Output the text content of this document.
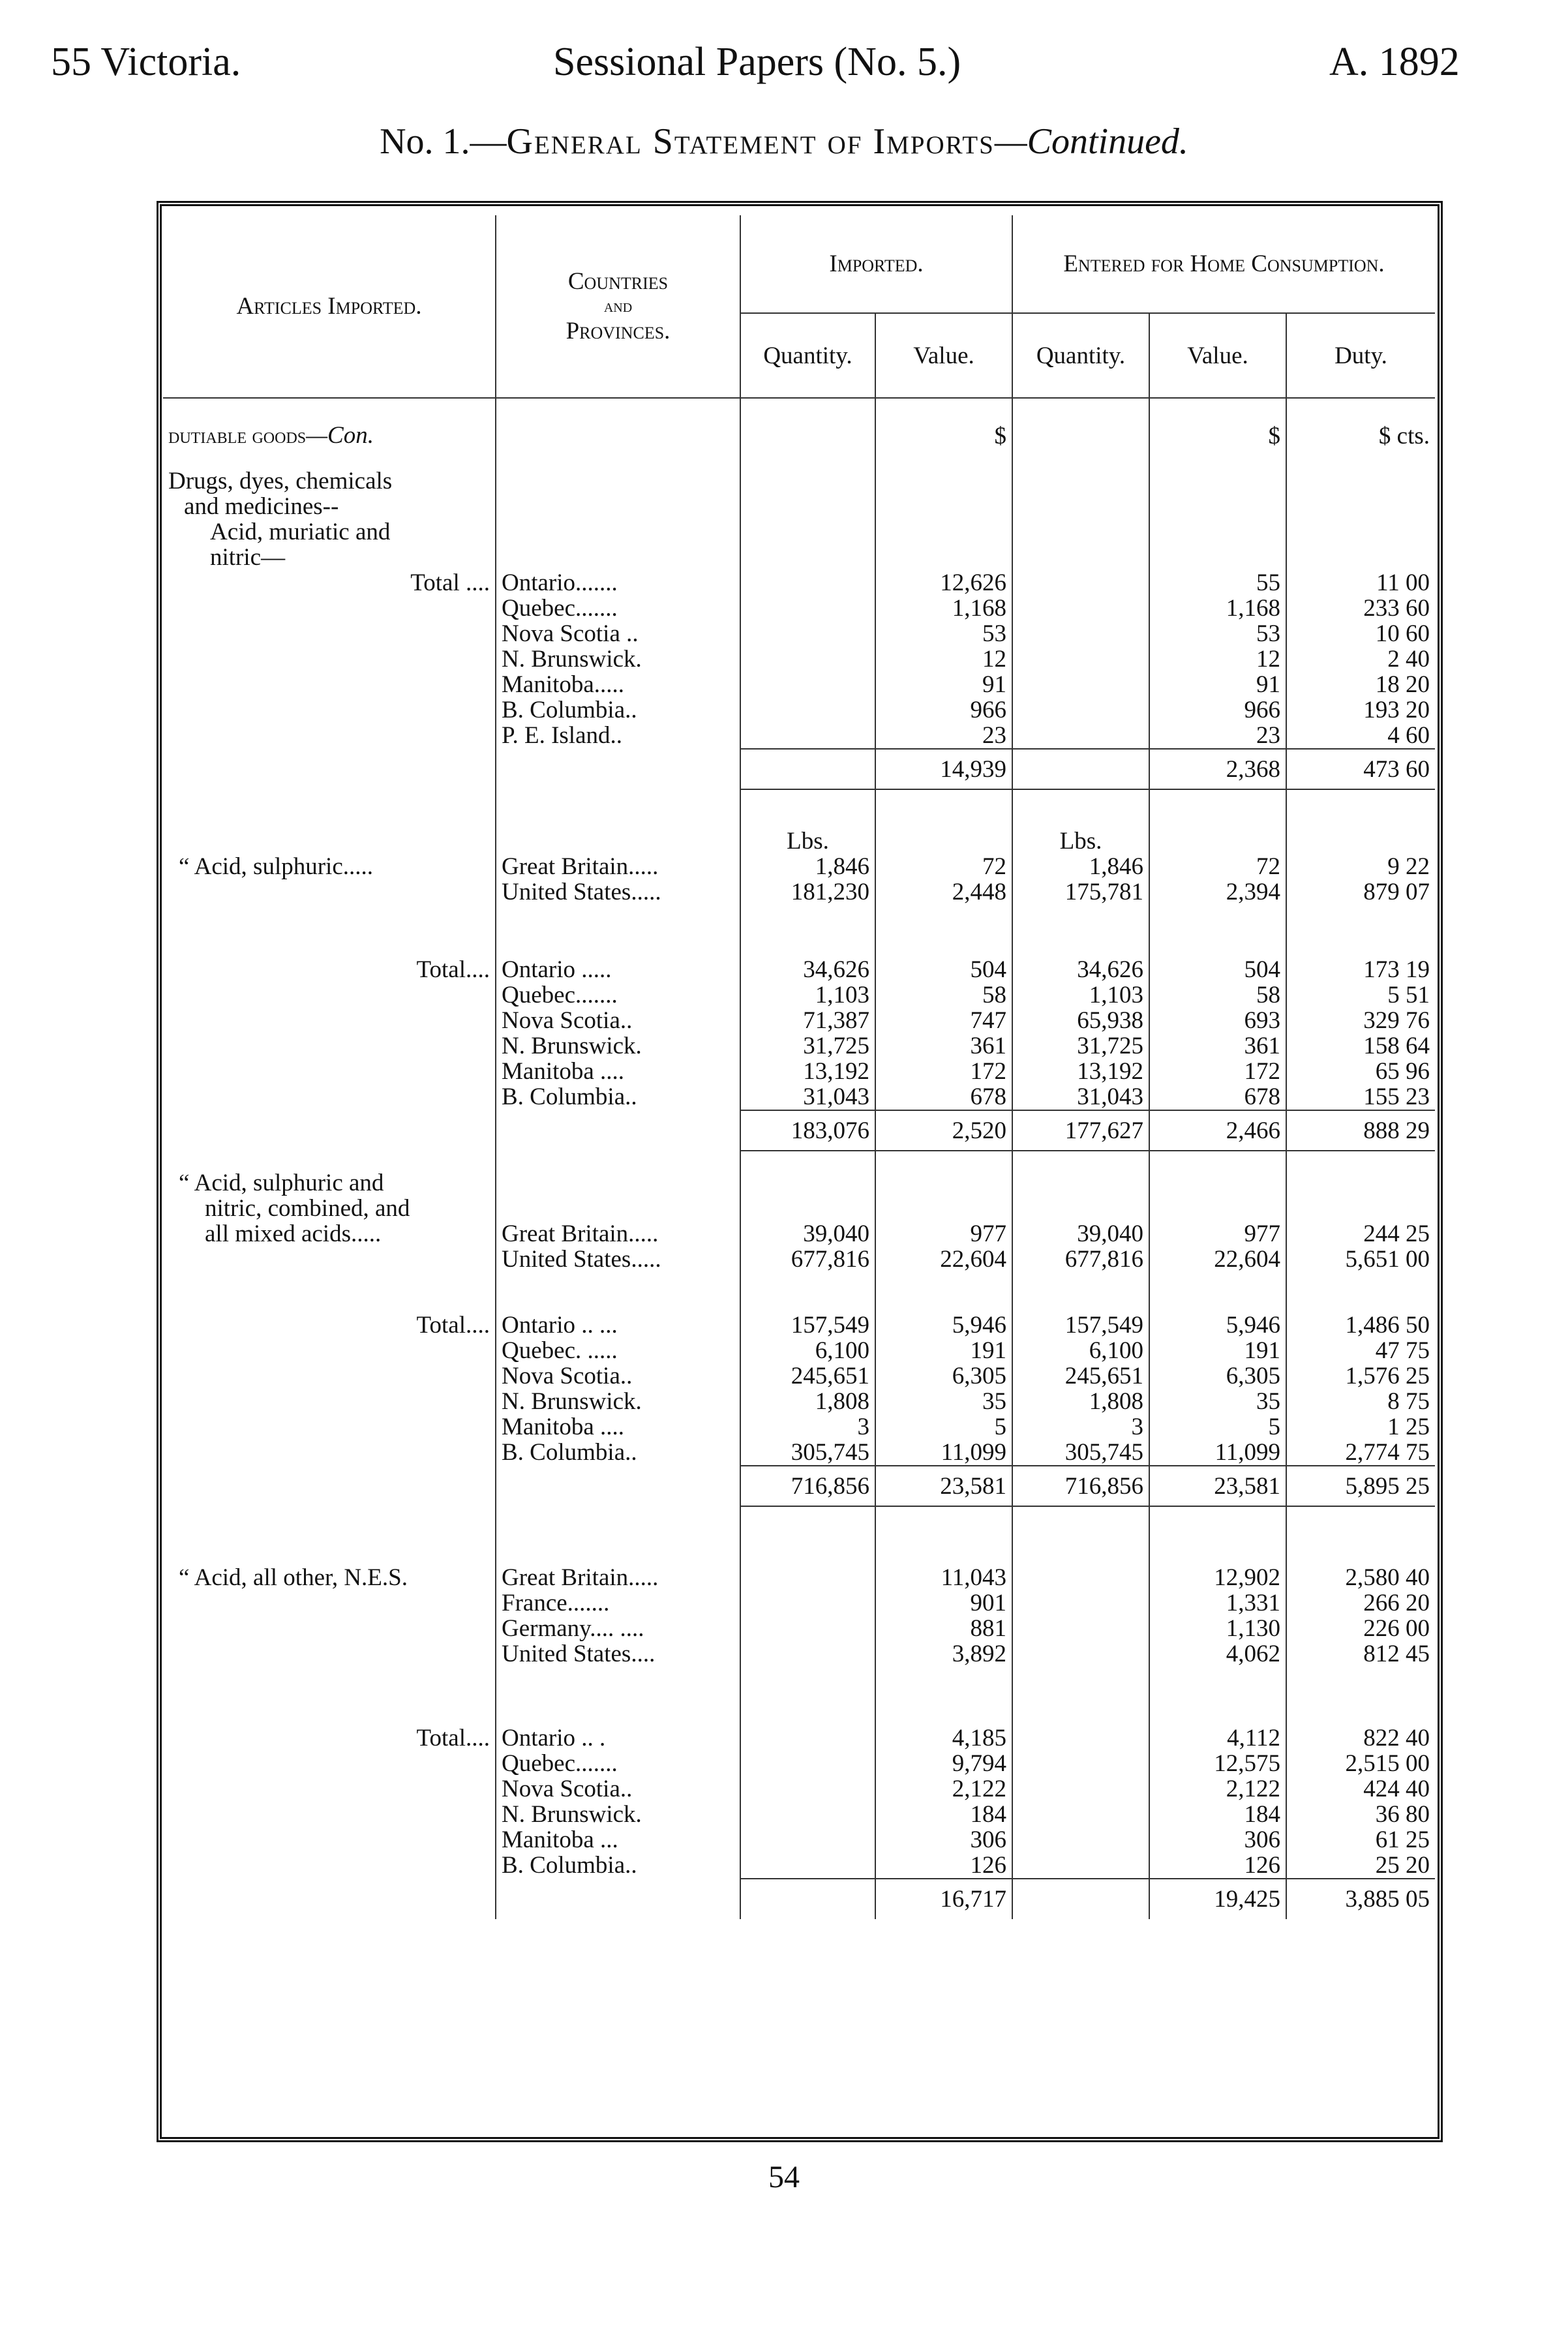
55 Victoria.	Sessional Papers (No. 5.)	A. 1892
No. 1.—General Statement of Imports—Continued.
Articles Imported.	Countries
and
Provinces.	Imported.		Entered for Home Consumption.		
		Quantity.	Value.	Quantity.	Value.	Duty.
dutiable goods—Con.			$		$	$ cts.

Drugs, dyes, chemicals
and medicines--
Acid, muriatic and
nitric—						

Total ....	Ontario.......		12,626		55	11 00
	Quebec.......		1,168		1,168	233 60
	Nova Scotia ..		53		53	10 60
	N. Brunswick.		12		12	2 40
	Manitoba.....		91		91	18 20
	B. Columbia..		966		966	193 20
	P. E. Island..		23		23	4 60
			14,939		2,368	473 60

		Lbs.		Lbs.		
“ Acid, sulphuric.....	Great Britain.....	1,846	72	1,846	72	9 22
	United States.....	181,230	2,448	175,781	2,394	879 07

Total....	Ontario .....	34,626	504	34,626	504	173 19
	Quebec.......	1,103	58	1,103	58	5 51
	Nova Scotia..	71,387	747	65,938	693	329 76
	N. Brunswick.	31,725	361	31,725	361	158 64
	Manitoba ....	13,192	172	13,192	172	65 96
	B. Columbia..	31,043	678	31,043	678	155 23
		183,076	2,520	177,627	2,466	888 29

“ Acid, sulphuric and						
nitric, combined, and						
all mixed acids.....	Great Britain.....	39,040	977	39,040	977	244 25
	United States.....	677,816	22,604	677,816	22,604	5,651 00

Total....	Ontario .. ...	157,549	5,946	157,549	5,946	1,486 50
	Quebec. .....	6,100	191	6,100	191	47 75
	Nova Scotia..	245,651	6,305	245,651	6,305	1,576 25
	N. Brunswick.	1,808	35	1,808	35	8 75
	Manitoba ....	3	5	3	5	1 25
	B. Columbia..	305,745	11,099	305,745	11,099	2,774 75
		716,856	23,581	716,856	23,581	5,895 25

“ Acid, all other, N.E.S.	Great Britain.....		11,043		12,902	2,580 40
	France.......		901		1,331	266 20
	Germany.... ....		881		1,130	226 00
	United States....		3,892		4,062	812 45

Total....	Ontario .. .		4,185		4,112	822 40
	Quebec.......		9,794		12,575	2,515 00
	Nova Scotia..		2,122		2,122	424 40
	N. Brunswick.		184		184	36 80
	Manitoba ...		306		306	61 25
	B. Columbia..		126		126	25 20
			16,717		19,425	3,885 05
54
